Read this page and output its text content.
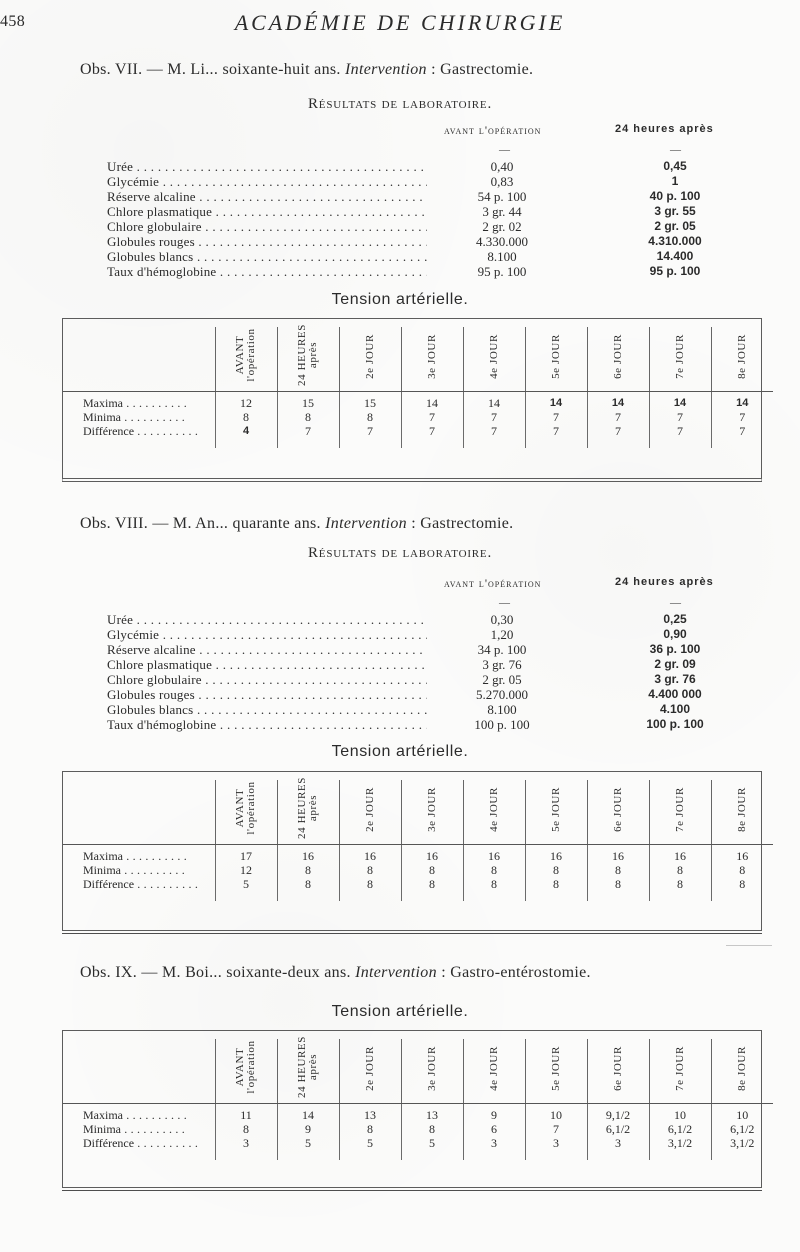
458	ACADÉMIE DE CHIRURGIE
Obs. VII. — M. Li... soixante-huit ans. Intervention : Gastrectomie.
Résultats de laboratoire.
avant l'opération	24 heures après
—	—
Urée . . .	0,40	0,45
Glycémie . . .	0,83	1
Réserve alcaline . . .	54 p. 100	40 p. 100
Chlore plasmatique . . .	3 gr. 44	3 gr. 55
Chlore globulaire . . .	2 gr. 02	2 gr. 05
Globules rouges . . .	4.330.000	4.310.000
Globules blancs . . .	8.100	14.400
Taux d'hémoglobine . . .	95 p. 100	95 p. 100
Tension artérielle.
	AVANT l'opération	24 HEURES après	2e JOUR	3e JOUR	4e JOUR	5e JOUR	6e JOUR	7e JOUR	8e JOUR
Maxima . . .	12	15	15	14	14	14	14	14	14
Minima . . .	8	8	8	7	7	7	7	7	7
Différence . . .	4	7	7	7	7	7	7	7	7
Obs. VIII. — M. An... quarante ans. Intervention : Gastrectomie.
Résultats de laboratoire.
avant l'opération	24 heures après
—	—
Urée . . .	0,30	0,25
Glycémie . . .	1,20	0,90
Réserve alcaline . . .	34 p. 100	36 p. 100
Chlore plasmatique . . .	3 gr. 76	2 gr. 09
Chlore globulaire . . .	2 gr. 05	3 gr. 76
Globules rouges . . .	5.270.000	4.400 000
Globules blancs . . .	8.100	4.100
Taux d'hémoglobine . . .	100 p. 100	100 p. 100
Tension artérielle.
	AVANT l'opération	24 HEURES après	2e JOUR	3e JOUR	4e JOUR	5e JOUR	6e JOUR	7e JOUR	8e JOUR
Maxima . . .	17	16	16	16	16	16	16	16	16
Minima . . .	12	8	8	8	8	8	8	8	8
Différence . . .	5	8	8	8	8	8	8	8	8
Obs. IX. — M. Boi... soixante-deux ans. Intervention : Gastro-entérostomie.
Tension artérielle.
	AVANT l'opération	24 HEURES après	2e JOUR	3e JOUR	4e JOUR	5e JOUR	6e JOUR	7e JOUR	8e JOUR
Maxima . . .	11	14	13	13	9	10	9,1/2	10	10
Minima . . .	8	9	8	8	6	7	6,1/2	6,1/2	6,1/2
Différence . . .	3	5	5	5	3	3	3	3,1/2	3,1/2
